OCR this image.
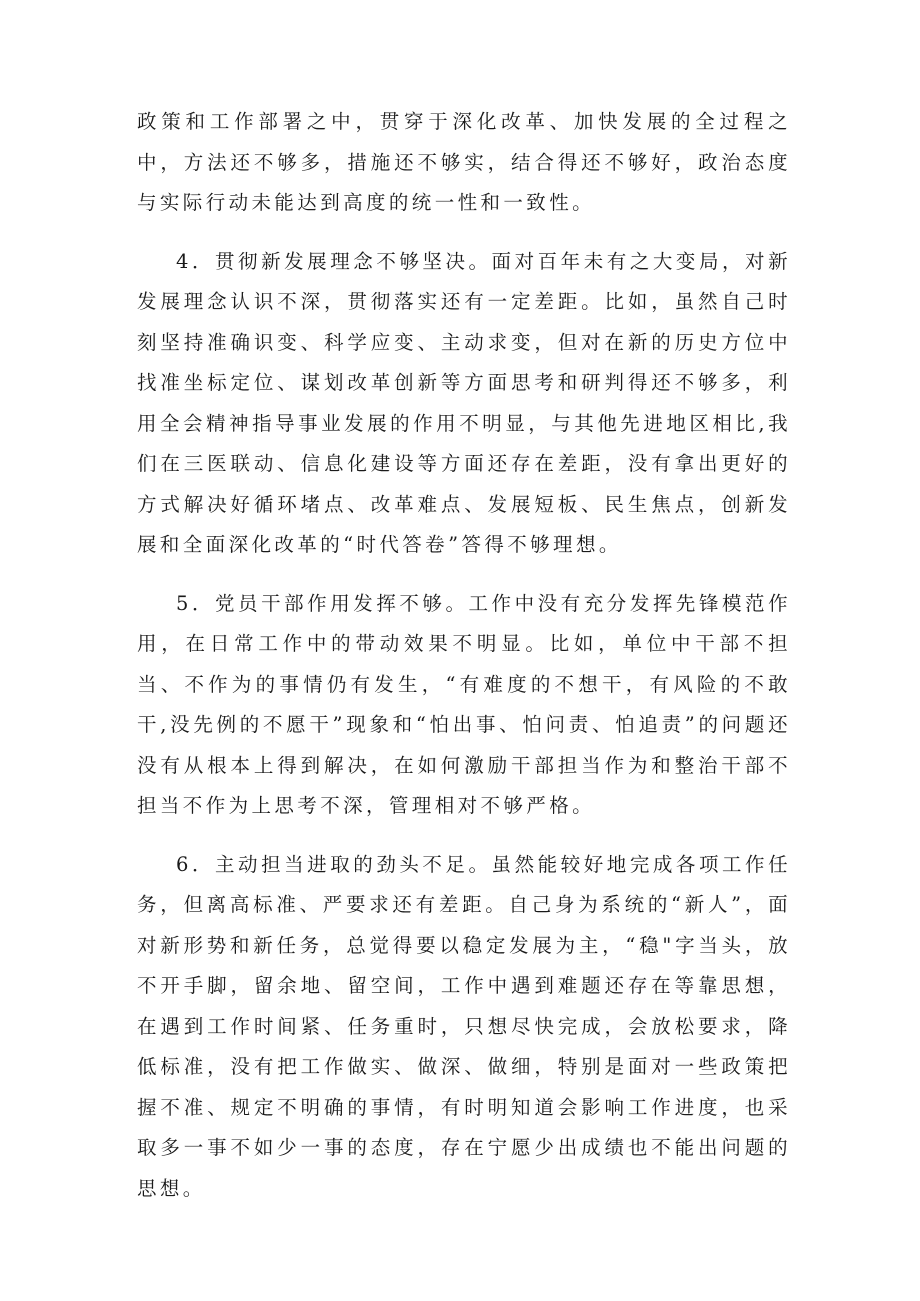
政策和工作部署之中，贯穿于深化改革、加快发展的全过程之中，方法还不够多，措施还不够实，结合得还不够好，政治态度与实际行动未能达到高度的统一性和一致性。

4．贯彻新发展理念不够坚决。面对百年未有之大变局，对新发展理念认识不深，贯彻落实还有一定差距。比如，虽然自己时刻坚持准确识变、科学应变、主动求变，但对在新的历史方位中找准坐标定位、谋划改革创新等方面思考和研判得还不够多，利用全会精神指导事业发展的作用不明显，与其他先进地区相比,我们在三医联动、信息化建设等方面还存在差距，没有拿出更好的方式解决好循环堵点、改革难点、发展短板、民生焦点，创新发展和全面深化改革的“时代答卷”答得不够理想。

5．党员干部作用发挥不够。工作中没有充分发挥先锋模范作用，在日常工作中的带动效果不明显。比如，单位中干部不担当、不作为的事情仍有发生，“有难度的不想干，有风险的不敢干,没先例的不愿干”现象和“怕出事、怕问责、怕追责”的问题还没有从根本上得到解决，在如何激励干部担当作为和整治干部不担当不作为上思考不深，管理相对不够严格。

6．主动担当进取的劲头不足。虽然能较好地完成各项工作任务，但离高标准、严要求还有差距。自己身为系统的“新人”，面对新形势和新任务，总觉得要以稳定发展为主，“稳"字当头，放不开手脚，留余地、留空间，工作中遇到难题还存在等靠思想，在遇到工作时间紧、任务重时，只想尽快完成，会放松要求，降低标准，没有把工作做实、做深、做细，特别是面对一些政策把握不准、规定不明确的事情，有时明知道会影响工作进度，也采取多一事不如少一事的态度，存在宁愿少出成绩也不能出问题的思想。
